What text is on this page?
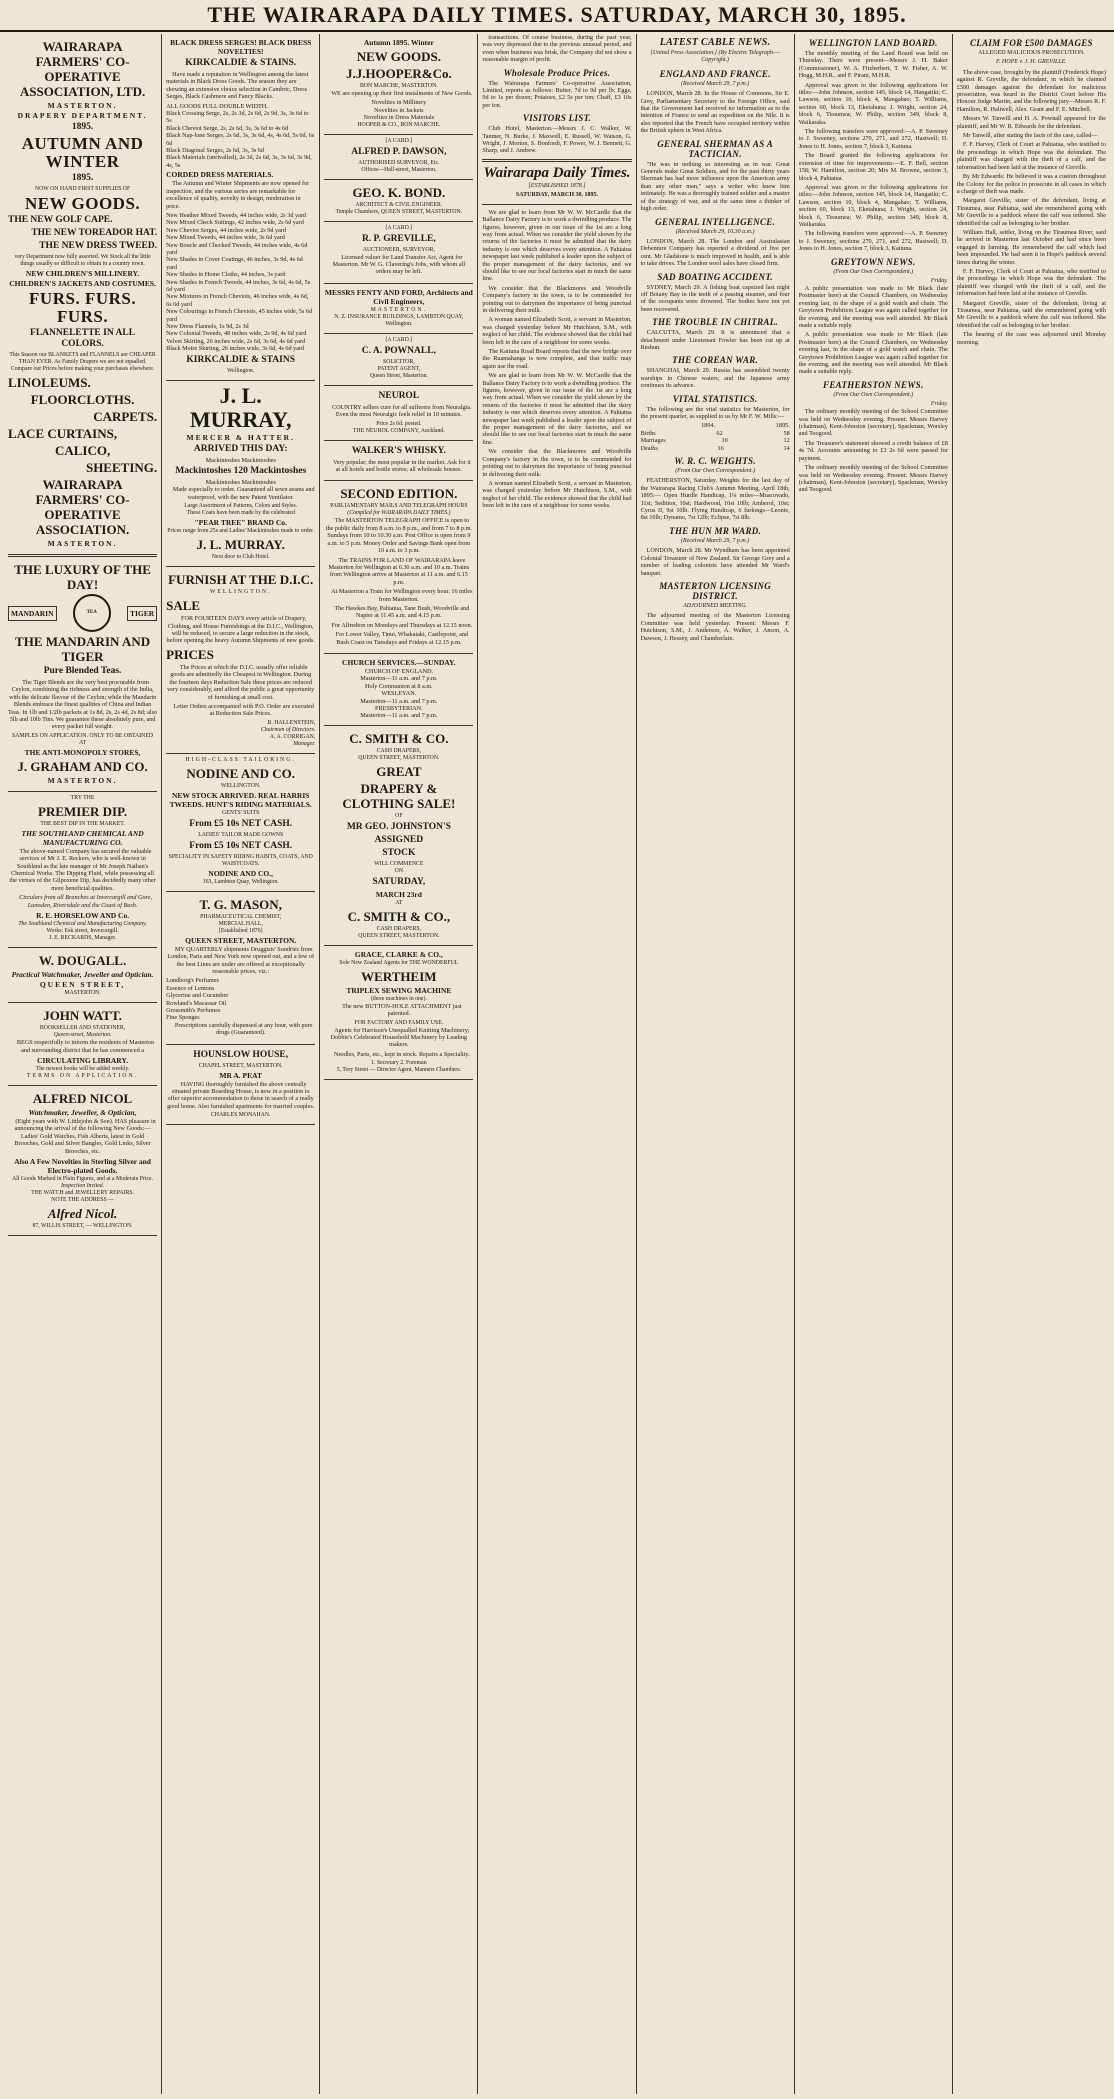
THE WAIRARAPA DAILY TIMES. SATURDAY, MARCH 30, 1895.
WAIRARAPA FARMERS' CO-OPERATIVE ASSOCIATION, LTD.
MASTERTON.
DRAPERY DEPARTMENT.
1895.
AUTUMN AND WINTER
1895.
NOW ON HAND FIRST SUPPLIES OF
NEW GOODS.
THE NEW GOLF CAPE.
THE NEW TOREADOR HAT.
THE NEW DRESS TWEED.
very Department now fully assorted. We Stock all the little things usually so difficult to obtain in a country town.
NEW CHILDREN'S MILLINERY.
CHILDREN'S JACKETS AND COSTUMES.
FURS. FURS. FURS.
FLANNELETTE IN ALL COLORS.
This Season our BLANKETS and FLANNELS are CHEAPER THAN EVER. As Family Drapers we are not equalled. Compare our Prices before making your purchases elsewhere.
LINOLEUMS.
FLOORCLOTHS.
CARPETS.
LACE CURTAINS,
CALICO,
SHEETING.
WAIRARAPA FARMERS' CO-OPERATIVE ASSOCIATION.
MASTERTON.
THE LUXURY OF THE DAY!
MANDARIN	TEA	TIGER
THE MANDARIN AND TIGER
Pure Blended Teas.

The Tiger Blends are the very best procurable from Ceylon, combining the richness and strength of the India, with the delicate flavour of the Ceylon; while the Mandarin Blends embrace the finest qualities of China and Indian Teas. In 1lb and 1/2lb packets at 1s 8d, 2s, 2s 4d, 2s 8d; also 5lb and 10lb Tins. We guarantee these absolutely pure, and every packet full weight.

SAMPLES ON APPLICATION. ONLY TO BE OBTAINED AT
THE ANTI-MONOPOLY STORES,
J. GRAHAM AND CO.
MASTERTON.
TRY THE
PREMIER DIP.
THE BEST DIP IN THE MARKET.
THE SOUTHLAND CHEMICAL AND MANUFACTURING CO.

The above-named Company has secured the valuable services of Mr J. E. Reckers, who is well-known in Southland as the late manager of Mr Joseph Nathan's Chemical Works. The Dipping Fluid, while possessing all the virtues of the Gilpoxene Dip, has decidedly many other more beneficial qualities.

Circulars from all Branches at Invercargill and Gore, Lumsden, Riversdale and the Coast of Bush.

R. E. HORSELOW AND Co.
The Southland Chemical and Manufacturing Company.
Works: Esk street, Invercargill.
J. E. RECKARDS, Manager.
W. DOUGALL.
Practical Watchmaker, Jeweller and Optician.
QUEEN STREET,
MASTERTON.
JOHN WATT.
BOOKSELLER AND STATIONER,
Queen-street, Masterton.

BEGS respectfully to inform the residents of Masterton and surrounding district that he has commenced a

CIRCULATING LIBRARY.
The newest books will be added weekly.
TERMS ON APPLICATION.
ALFRED NICOL
Watchmaker, Jeweller, & Optician,

(Eight years with W. Littlejohn & Son). HAS pleasure in announcing the arrival of the following New Goods:—Ladies' Gold Watches, Fish Alberts, latest in Gold Brooches, Gold and Silver Bangles, Gold Links, Silver Brooches, etc.

Also A Few Novelties in Sterling Silver and Electro-plated Goods.
All Goods Marked in Plain Figures, and at a Moderate Price.
Inspection Invited.
THE WATCH and JEWELLERY REPAIRS.
NOTE THE ADDRESS —
Alfred Nicol.
87, WILLIS STREET, — WELLINGTON.
BLACK DRESS SERGES! BLACK DRESS NOVELTIES!
KIRKCALDIE & STAINS.

Have made a reputation in Wellington among the latest materials in Black Dress Goods. The season they are showing an extensive choice selection in Cambric, Dress Serges, Black Cashmere and Fancy Blacks.

ALL GOODS FULL DOUBLE WIDTH.
Black Crossing Serge, 2s, 2s 3d, 2s 6d, 2s 9d, 3s, 3s 6d to 5s
Black Cheviot Serge, 2s, 2s 6d, 3s, 3s 6d to 4s 6d
Black Nap-lone Serges, 2s 6d, 3s, 3s 6d, 4s, 4s 6d, 5s 6d, 6s 6d
Black Diagonal Serges, 2s 6d, 3s, 3s 6d
Black Materials (unrivalled), 2s 3d, 2s 6d, 3s, 3s 6d, 3s 9d, 4s, 5s
CORDED DRESS MATERIALS.

The Autumn and Winter Shipments are now opened for inspection, and the various series are remarkable for excellence of quality, novelty in design, moderation in price.

New Heather Mixed Tweeds, 44 inches wide, 2s 3d yard
New Mixed Check Suitings, 42 inches wide, 2s 6d yard
New Cheviot Serges, 44 inches wide, 2s 9d yard
New Mixed Tweeds, 44 inches wide, 3s 6d yard
New Boucle and Checked Tweeds, 44 inches wide, 4s 6d yard
New Shades in Cover Coatings, 46 inches, 3s 9d, 4s 6d yard
New Shades in Home Cloths, 44 inches, 3s yard
New Shades in French Tweeds, 44 inches, 3s 6d, 4s 6d, 5s 6d yard
New Mixtures in French Cheviots, 46 inches wide, 4s 6d, 6s 6d yard
New Colourings in French Cheviots, 45 inches wide, 5s 6d yard
New Dress Flannels, 1s 9d, 2s 3d
New Colonial Tweeds, 48 inches wide, 2s 9d, 4s 6d yard
Velvet Skirting, 26 inches wide, 2s 6d, 3s 6d, 4s 6d yard
Black Moire Skirting, 26 inches wide, 3s 6d, 4s 6d yard
KIRKCALDIE & STAINS
Wellington.
J. L. MURRAY,
MERCER & HATTER.
ARRIVED THIS DAY:
Mackintoshes Mackintoshes
Mackintoshes 120 Mackintoshes
Mackintoshes Mackintoshes

Made especially to order. Guaranteed all sewn seams and waterproof, with the new Patent Ventilator.

Large Assortment of Patterns, Colors and Styles.
These Coats have been made by the celebrated
"PEAR TREE" BRAND Co.
Prices range from 25s and Ladies' Mackintoshes made to order.
J. L. MURRAY.
Next door to Club Hotel.
FURNISH AT THE D.I.C.
WELLINGTON.
SALE

FOR FOURTEEN DAYS every article of Drapery, Clothing, and House Furnishings at the D.I.C., Wellington, will be reduced, to secure a large reduction in the stock, before opening the heavy Autumn Shipments of new goods.

PRICES

The Prices at which the D.I.C. usually offer reliable goods are admittedly the Cheapest in Wellington. During the fourteen days Reduction Sale these prices are reduced very considerably, and afford the public a great opportunity of furnishing at small cost.

Letter Orders accompanied with P.O. Order are executed at Reduction Sale Prices.

B. HALLENSTEIN,
Chairman of Directors.
A. A. CORRIGAN,
Manager.
HIGH-CLASS TAILORING.
NODINE AND CO.
WELLINGTON.
NEW STOCK ARRIVED. REAL HARRIS TWEEDS. HUNT'S RIDING MATERIALS.
GENTS' SUITS
From £5 10s NET CASH.
LADIES' TAILOR MADE GOWNS
From £5 10s NET CASH.
SPECIALITY IN SAFETY RIDING HABITS, COATS, AND WAISTCOATS.
NODINE AND CO.,
163, Lambton Quay, Wellington.
T. G. MASON,
PHARMACEUTICAL CHEMIST,
MERCIAL HALL,
[Established 1876]
QUEEN STREET, MASTERTON.

MY QUARTERLY shipments Druggists' Sundries from London, Paris and New York now opened out, and a few of the best Lines are under are offered at exceptionally reasonable prices, viz.:

Lundborg's Perfumes
Essence of Lemons
Glycerine and Cucumber
Rowland's Macassar Oil
Grossmith's Perfumes
Fine Sponges

Prescriptions carefully dispensed at any hour, with pure drugs (Guaranteed).

HOUNSLOW HOUSE,
CHAPEL STREET, MASTERTON.
MR A. PEAT

HAVING thoroughly furnished the above centrally situated private Boarding House, is now in a position to offer superior accommodation to those in search of a really good home. Also furnished apartments for married couples.

CHARLES MONAHAN.
Autumn 1895. Winter
NEW GOODS.
J.J.HOOPER&Co.
BON MARCHE, MASTERTON.

WE are opening up their first instalments of New Goods.

Novelties in Millinery
Novelties in Jackets
Novelties in Dress Materials
HOOPER & CO., BON MARCHE.
[A CARD.]
ALFRED P. DAWSON,
AUTHORISED SURVEYOR, Etc.
Offices—Hall-street, Masterton.
GEO. K. BOND.
ARCHITECT & CIVIL ENGINEER.
Temple Chambers, QUEEN STREET, MASTERTON.
[A CARD.]
R. P. GREVILLE,
AUCTIONEER, SURVEYOR,

Licensed valuer for Land Transfer Act, Agent for Masterton. Mr W. G. Clavering's Jobs, with whom all orders may be left.

MESSRS FENTY AND FORD, Architects and Civil Engineers,
MASTERTON.
N. Z. INSURANCE BUILDINGS, LAMBTON QUAY,
Wellington.
[A CARD.]
C. A. POWNALL,
SOLICITOR,
PATENT AGENT,
Queen Street, Masterton.
NEUROL

COUNTRY sellers cure for all sufferers from Neuralgia. Even the most Neuralgic feels relief in 10 minutes.

Price 2s 6d. posted.
THE NEUROL COMPANY, Auckland.
WALKER'S WHISKY.

Very popular; the most popular in the market. Ask for it at all hotels and bottle stores; all wholesale houses.

SECOND EDITION.
PARLIAMENTARY MAILS AND TELEGRAPH HOURS
(Compiled for WAIRARAPA DAILY TIMES.)

The MASTERTON TELEGRAPH OFFICE is open to the public daily from 8 a.m. to 8 p.m., and from 7 to 8 p.m. Sundays from 10 to 10.30 a.m. Post Office is open from 9 a.m. to 5 p.m. Money Order and Savings Bank open from 10 a.m. to 3 p.m.

The TRAINS FOR LAND OF WAIRARAPA leave Masterton for Wellington at 6.30 a.m. and 10 a.m. Trains from Wellington arrive at Masterton at 11 a.m. and 6.15 p.m.

At Masterton a Train for Wellington every hour. 16 miles from Masterton.

The Hawkes Bay, Pahiatua, Tane Bush, Woodville and Napier at 11.45 a.m. and 4.15 p.m.

For Alfredton on Mondays and Thursdays at 12.15 noon.

For Lower Valley, Tinui, Whakataki, Castlepoint, and Bush Coast on Tuesdays and Fridays at 12.15 p.m.

CHURCH SERVICES.—SUNDAY.
CHURCH OF ENGLAND.
Masterton—11 a.m. and 7 p.m.
Holy Communion at 8 a.m.
WESLEYAN.
Masterton—11 a.m. and 7 p.m.
PRESBYTERIAN.
Masterton—11 a.m. and 7 p.m.
C. SMITH & CO.
CASH DRAPERS,
QUEEN STREET, MASTERTON.
GREAT
DRAPERY & CLOTHING SALE!
OF
MR GEO. JOHNSTON'S
ASSIGNED
STOCK
WILL COMMENCE
ON
SATURDAY,
MARCH 23rd
AT
C. SMITH & CO.,
CASH DRAPERS,
QUEEN STREET, MASTERTON.
GRACE, CLARKE & CO.,
Sole New Zealand Agents for THE WONDERFUL
WERTHEIM
TRIPLEX SEWING MACHINE
(three machines in one).

The new BUTTON-HOLE ATTACHMENT just patented.

FOR FACTORY AND FAMILY USE.

Agents for Harrison's Unequalled Knitting Machinery; Dobbie's Celebrated Household Machinery by Leading makers.

Needles, Parts, etc., kept in stock. Repairs a Speciality.

1. Secretary 2. Foreman
5, Tory Street — Director Agent, Manners Chambers.

transactions. Of course business, during the past year, was very depressed due to the previous unusual period, and even when business was brisk, the Company did not show a reasonable margin of profit.

Wholesale Produce Prices.

The Wairarapa Farmers' Co-operative Association, Limited, reports as follows: Butter, 7d to 9d per lb; Eggs, 9d to 1s per dozen; Potatoes, £2 5s per ton; Chaff, £3 10s per ton.

VISITORS LIST.

Club Hotel, Masterton.—Messrs J. C. Walker, W. Tanmer, N. Burke, J. Maxwell, E. Russell, W. Watson, G. Wright, J. Morton, S. Bonfordi, F. Power, W. J. Bennett, G. Sharp, and J. Andrew.

Wairarapa Daily Times.
[ESTABLISHED 1878.]
SATURDAY, MARCH 30, 1895.

We are glad to learn from Mr W. W. McCardle that the Ballance Dairy Factory is to work a dwindling produce. The figures, however, given in our issue of the 1st are a long way from actual. When we consider the yield shown by the returns of the factories it must be admitted that the dairy industry is one which deserves every attention. A Pahiatua newspaper last week published a leader upon the subject of the proper management of the dairy factories, and we should like to see our local factories start in much the same line.

We consider that the Blackmores and Woodville Company's factory in the town, is to be commended for pointing out to dairymen the importance of being punctual in delivering their milk.

A woman named Elizabeth Scott, a servant in Masterton, was charged yesterday before Mr Hutchison, S.M., with neglect of her child. The evidence showed that the child had been left in the care of a neighbour for some weeks.

The Kaituna Road Board reports that the new bridge over the Ruamahanga is now complete, and that traffic may again use the road.

We are glad to learn from Mr W. W. McCardle that the Ballance Dairy Factory is to work a dwindling produce. The figures, however, given in our issue of the 1st are a long way from actual. When we consider the yield shown by the returns of the factories it must be admitted that the dairy industry is one which deserves every attention. A Pahiatua newspaper last week published a leader upon the subject of the proper management of the dairy factories, and we should like to see our local factories start in much the same line.

We consider that the Blackmores and Woodville Company's factory in the town, is to be commended for pointing out to dairymen the importance of being punctual in delivering their milk.

A woman named Elizabeth Scott, a servant in Masterton, was charged yesterday before Mr Hutchison, S.M., with neglect of her child. The evidence showed that the child had been left in the care of a neighbour for some weeks.

LATEST CABLE NEWS.
[United Press Association.] (By Electric Telegraph.—Copyright.)
ENGLAND AND FRANCE.
(Received March 29, 7 p.m.)

LONDON, March 28. In the House of Commons, Sir E. Grey, Parliamentary Secretary to the Foreign Office, said that the Government had received no information as to the intention of France to send an expedition on the Nile. It is also reported that the French have occupied territory within the British sphere in West Africa.

GENERAL SHERMAN AS A TACTICIAN.

"He was in nothing so interesting as in war. Great Generals make Great Soldiers, and for the past thirty years Sherman has had more influence upon the American army than any other man," says a writer who knew him intimately. He was a thoroughly trained soldier and a master of the strategy of war, and at the same time a thinker of high order.

GENERAL INTELLIGENCE.
(Received March 29, 10.30 a.m.)

LONDON, March 28. The London and Australasian Debenture Company has reported a dividend of five per cent. Mr Gladstone is much improved in health, and is able to take drives. The London wool sales have closed firm.

SAD BOATING ACCIDENT.

SYDNEY, March 29. A fishing boat capsized last night off Botany Bay in the teeth of a passing steamer, and four of the occupants were drowned. The bodies have not yet been recovered.

THE TROUBLE IN CHITRAL.

CALCUTTA, March 29. It is announced that a detachment under Lieutenant Fowler has been cut up at Reshun.

THE COREAN WAR.

SHANGHAI, March 29. Russia has assembled twenty warships in Chinese waters, and the Japanese army continues its advance.

VITAL STATISTICS.

The following are the vital statistics for Masterton, for the present quarter, as supplied to us by Mr F. W. Mills:—

1894.	1895.
Births	62	58
Marriages	10	12
Deaths	16	14
W. R. C. WEIGHTS.
(From Our Own Correspondent.)

FEATHERSTON, Saturday. Weights for the last day of the Wairarapa Racing Club's Autumn Meeting, April 18th, 1895:— Open Hurdle Handicap, 1¼ miles—Muscovado, 11st; Sedition, 10st; Hardwood, 10st 10lb; Amberol, 10st; Cyrus II, 9st 10lb. Flying Handicap, 6 furlongs—Leonie, 8st 10lb; Dynamo, 7st 12lb; Eclipse, 7st 8lb.

THE HUN MR WARD.
(Received March 29, 7 p.m.)

LONDON, March 28. Mr Wyndham has been appointed Colonial Treasurer of New Zealand. Sir George Grey and a number of leading colonists have attended Mr Ward's banquet.

MASTERTON LICENSING DISTRICT.
ADJOURNED MEETING.

The adjourned meeting of the Masterton Licensing Committee was held yesterday. Present: Messrs F. Hutchison, S.M., J. Anderson, A. Walker, J. Anson, A. Dawson, J. Hessey, and Chamberlain.

WELLINGTON LAND BOARD.

The monthly meeting of the Land Board was held on Thursday. There were present—Messrs J. H. Baker (Commissioner), W. A. Fitzherbert, T. W. Fisher, A. W. Hogg, M.H.R., and F. Pirani, M.H.R.

Approval was given to the following applications for titles:—John Johnson, section 145, block 14, Hangatiki; C. Lawson, section 10, block 4, Mangahao; T. Williams, section 60, block 13, Eketahuna; J. Wright, section 24, block 6, Tiraumea; W. Philip, section 349, block 8, Waikaraka.

The following transfers were approved:—A. P. Sweeney to J. Sweeney, sections 270, 271, and 272, Hastwell; D. Jones to H. Jones, section 7, block 3, Kaituna.

The Board granted the following applications for extension of time for improvements:—E. F. Bell, section 158; W. Hamilton, section 20; Mrs M. Browne, section 3, block 4, Pahiatua.

Approval was given to the following applications for titles:—John Johnson, section 145, block 14, Hangatiki; C. Lawson, section 10, block 4, Mangahao; T. Williams, section 60, block 13, Eketahuna; J. Wright, section 24, block 6, Tiraumea; W. Philip, section 349, block 8, Waikaraka.

The following transfers were approved:—A. P. Sweeney to J. Sweeney, sections 270, 271, and 272, Hastwell; D. Jones to H. Jones, section 7, block 3, Kaituna.

GREYTOWN NEWS.
(From Our Own Correspondent.)
Friday.

A public presentation was made to Mr Black (late Postmaster here) at the Council Chambers, on Wednesday evening last, in the shape of a gold watch and chain. The Greytown Prohibition League was again called together for the evening, and the meeting was well attended. Mr Black made a suitable reply.

A public presentation was made to Mr Black (late Postmaster here) at the Council Chambers, on Wednesday evening last, in the shape of a gold watch and chain. The Greytown Prohibition League was again called together for the evening, and the meeting was well attended. Mr Black made a suitable reply.

FEATHERSTON NEWS.
(From Our Own Correspondent.)
Friday.

The ordinary monthly meeting of the School Committee was held on Wednesday evening. Present: Messrs Harvey (chairman), Kent-Johnston (secretary), Spackman, Worsley and Toogood.

The Treasurer's statement showed a credit balance of £8 4s 7d. Accounts amounting to £3 2s 6d were passed for payment.

The ordinary monthly meeting of the School Committee was held on Wednesday evening. Present: Messrs Harvey (chairman), Kent-Johnston (secretary), Spackman, Worsley and Toogood.

CLAIM FOR £500 DAMAGES
ALLEGED MALICIOUS PROSECUTION.
F. HOPE v. J. H. GREVILLE.

The above case, brought by the plaintiff (Frederick Hope) against R. Greville, the defendant, in which he claimed £500 damages against the defendant for malicious prosecution, was heard in the District Court before His Honour Judge Martin, and the following jury—Messrs R. F. Hamilton, R. Haliwell, Alex. Grant and F. E. Mitchell.

Messrs W. Tanwill and H. A. Pownall appeared for the plaintiff, and Mr W. R. Edwards for the defendant.

Mr Tanwill, after stating the facts of the case, called—

F. F. Harvey, Clerk of Court at Pahiatua, who testified to the proceedings in which Hope was the defendant. The plaintiff was charged with the theft of a calf, and the information had been laid at the instance of Greville.

By Mr Edwards: He believed it was a custom throughout the Colony for the police to prosecute in all cases in which a charge of theft was made.

Margaret Greville, sister of the defendant, living at Tiraumea, near Pahiatua, said she remembered going with Mr Greville to a paddock where the calf was tethered. She identified the calf as belonging to her brother.

William Hall, settler, living on the Tiraumea River, said he arrived in Masterton last October and had since been engaged in farming. He remembered the calf which had been impounded. He had seen it in Hope's paddock several times during the winter.

F. F. Harvey, Clerk of Court at Pahiatua, who testified to the proceedings in which Hope was the defendant. The plaintiff was charged with the theft of a calf, and the information had been laid at the instance of Greville.

Margaret Greville, sister of the defendant, living at Tiraumea, near Pahiatua, said she remembered going with Mr Greville to a paddock where the calf was tethered. She identified the calf as belonging to her brother.

The hearing of the case was adjourned until Monday morning.
